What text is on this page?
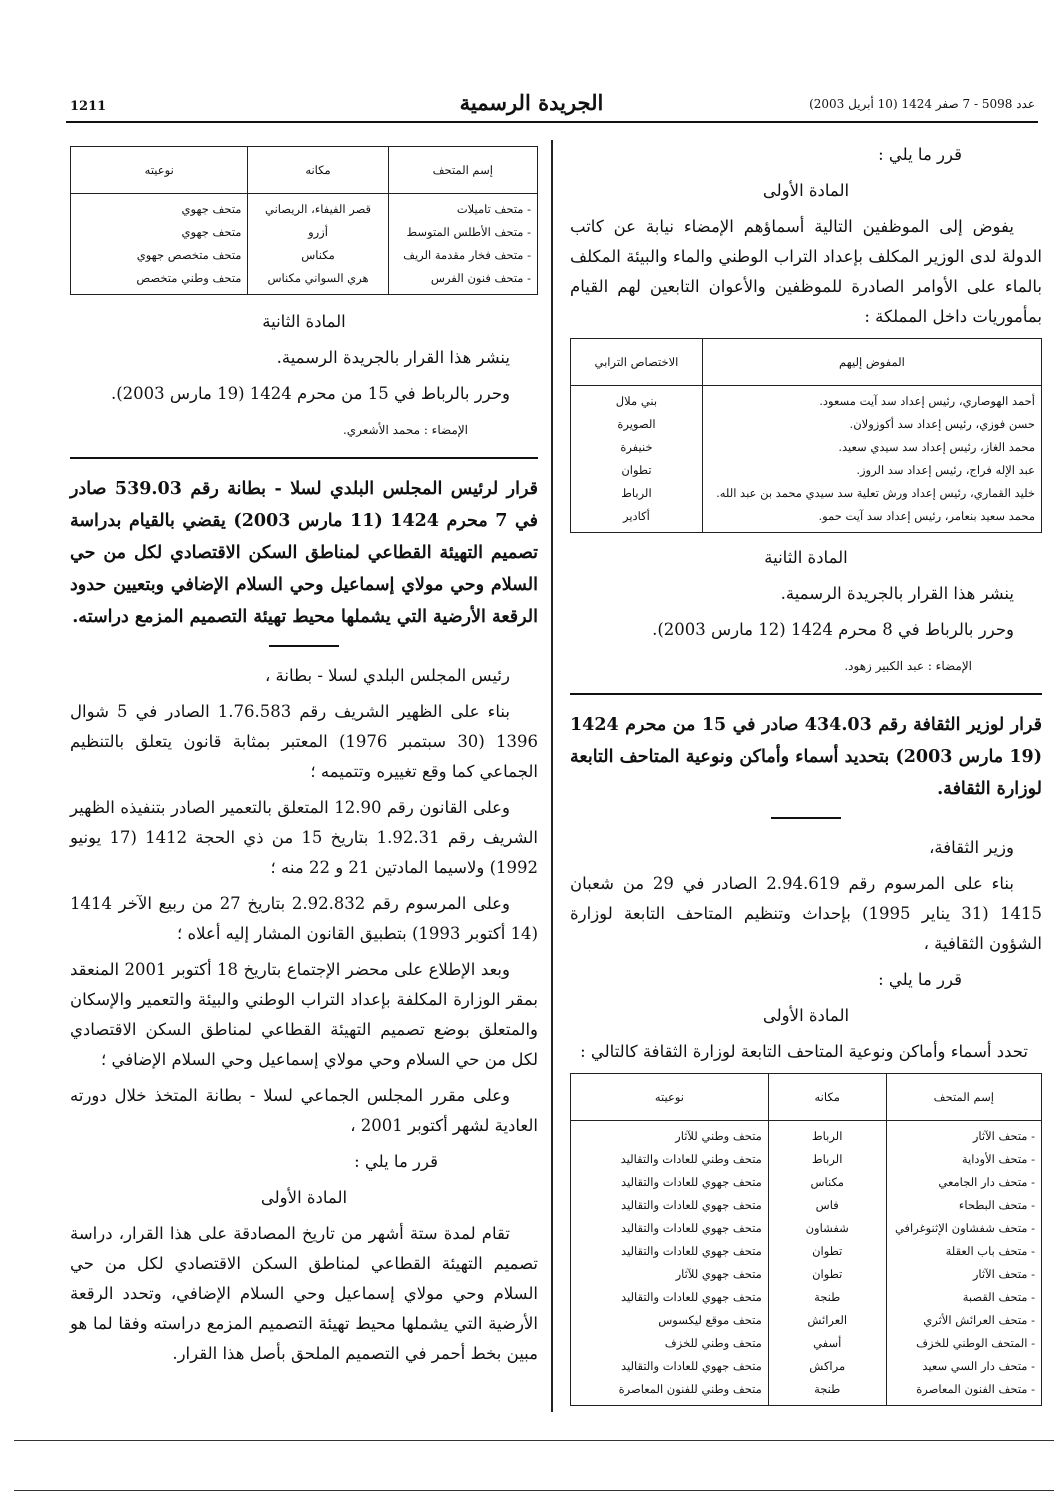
عدد 5098 - 7 صفر 1424 (10 أبريل 2003)
الجريدة الرسمية
1211

قرر ما يلي :

المادة الأولى

يفوض إلى الموظفين التالية أسماؤهم الإمضاء نيابة عن كاتب الدولة لدى الوزير المكلف بإعداد التراب الوطني والماء والبيئة المكلف بالماء على الأوامر الصادرة للموظفين والأعوان التابعين لهم القيام بمأموريات داخل المملكة :

المفوض إليهم	الاختصاص الترابي
أحمد الهوصاري، رئيس إعداد سد آيت مسعود.	بني ملال
حسن فوزي، رئيس إعداد سد أكوزولان.	الصويرة
محمد الغاز، رئيس إعداد سد سيدي سعيد.	خنيفرة
عبد الإله فراج، رئيس إعداد سد الروز.	تطوان
خليد القماري، رئيس إعداد ورش تعلية سد سيدي محمد بن عبد الله.	الرباط
محمد سعيد بنعامر، رئيس إعداد سد آيت حمو.	أكادير

المادة الثانية

ينشر هذا القرار بالجريدة الرسمية.

وحرر بالرباط في 8 محرم 1424 (12 مارس 2003).

الإمضاء : عبد الكبير زهود.

قرار لوزير الثقافة رقم 434.03 صادر في 15 من محرم 1424 (19 مارس 2003) بتحديد أسماء وأماكن ونوعية المتاحف التابعة لوزارة الثقافة.

وزير الثقافة،

بناء على المرسوم رقم 2.94.619 الصادر في 29 من شعبان 1415 (31 يناير 1995) بإحداث وتنظيم المتاحف التابعة لوزارة الشؤون الثقافية ،

قرر ما يلي :

المادة الأولى

تحدد أسماء وأماكن ونوعية المتاحف التابعة لوزارة الثقافة كالتالي :

إسم المتحف	مكانه	نوعيته
- متحف الآثار	الرباط	متحف وطني للآثار
- متحف الأوداية	الرباط	متحف وطني للعادات والتقاليد
- متحف دار الجامعي	مكناس	متحف جهوي للعادات والتقاليد
- متحف البطحاء	فاس	متحف جهوي للعادات والتقاليد
- متحف شفشاون الإثنوغرافي	شفشاون	متحف جهوي للعادات والتقاليد
- متحف باب العقلة	تطوان	متحف جهوي للعادات والتقاليد
- متحف الآثار	تطوان	متحف جهوي للآثار
- متحف القصبة	طنجة	متحف جهوي للعادات والتقاليد
- متحف العرائش الأثري	العرائش	متحف موقع ليكسوس
- المتحف الوطني للخزف	أسفي	متحف وطني للخزف
- متحف دار السي سعيد	مراكش	متحف جهوي للعادات والتقاليد
- متحف الفنون المعاصرة	طنجة	متحف وطني للفنون المعاصرة
إسم المتحف	مكانه	نوعيته
- متحف تاميلات	قصر الفيفاء، الريصاني	متحف جهوي
- متحف الأطلس المتوسط	أزرو	متحف جهوي
- متحف فخار مقدمة الريف	مكناس	متحف متخصص جهوي
- متحف فنون الفرس	هري السواني مكناس	متحف وطني متخصص

المادة الثانية

ينشر هذا القرار بالجريدة الرسمية.

وحرر بالرباط في 15 من محرم 1424 (19 مارس 2003).

الإمضاء : محمد الأشعري.

قرار لرئيس المجلس البلدي لسلا - بطانة رقم 539.03 صادر في 7 محرم 1424 (11 مارس 2003) يقضي بالقيام بدراسة تصميم التهيئة القطاعي لمناطق السكن الاقتصادي لكل من حي السلام وحي مولاي إسماعيل وحي السلام الإضافي وبتعيين حدود الرقعة الأرضية التي يشملها محيط تهيئة التصميم المزمع دراسته.

رئيس المجلس البلدي لسلا - بطانة ،

بناء على الظهير الشريف رقم 1.76.583 الصادر في 5 شوال 1396 (30 سبتمبر 1976) المعتبر بمثابة قانون يتعلق بالتنظيم الجماعي كما وقع تغييره وتتميمه ؛

وعلى القانون رقم 12.90 المتعلق بالتعمير الصادر بتنفيذه الظهير الشريف رقم 1.92.31 بتاريخ 15 من ذي الحجة 1412 (17 يونيو 1992) ولاسيما المادتين 21 و 22 منه ؛

وعلى المرسوم رقم 2.92.832 بتاريخ 27 من ربيع الآخر 1414 (14 أكتوبر 1993) بتطبيق القانون المشار إليه أعلاه ؛

وبعد الإطلاع على محضر الإجتماع بتاريخ 18 أكتوبر 2001 المنعقد بمقر الوزارة المكلفة بإعداد التراب الوطني والبيئة والتعمير والإسكان والمتعلق بوضع تصميم التهيئة القطاعي لمناطق السكن الاقتصادي لكل من حي السلام وحي مولاي إسماعيل وحي السلام الإضافي ؛

وعلى مقرر المجلس الجماعي لسلا - بطانة المتخذ خلال دورته العادية لشهر أكتوبر 2001 ،

قرر ما يلي :

المادة الأولى

تقام لمدة ستة أشهر من تاريخ المصادقة على هذا القرار، دراسة تصميم التهيئة القطاعي لمناطق السكن الاقتصادي لكل من حي السلام وحي مولاي إسماعيل وحي السلام الإضافي، وتحدد الرقعة الأرضية التي يشملها محيط تهيئة التصميم المزمع دراسته وفقا لما هو مبين بخط أحمر في التصميم الملحق بأصل هذا القرار.
